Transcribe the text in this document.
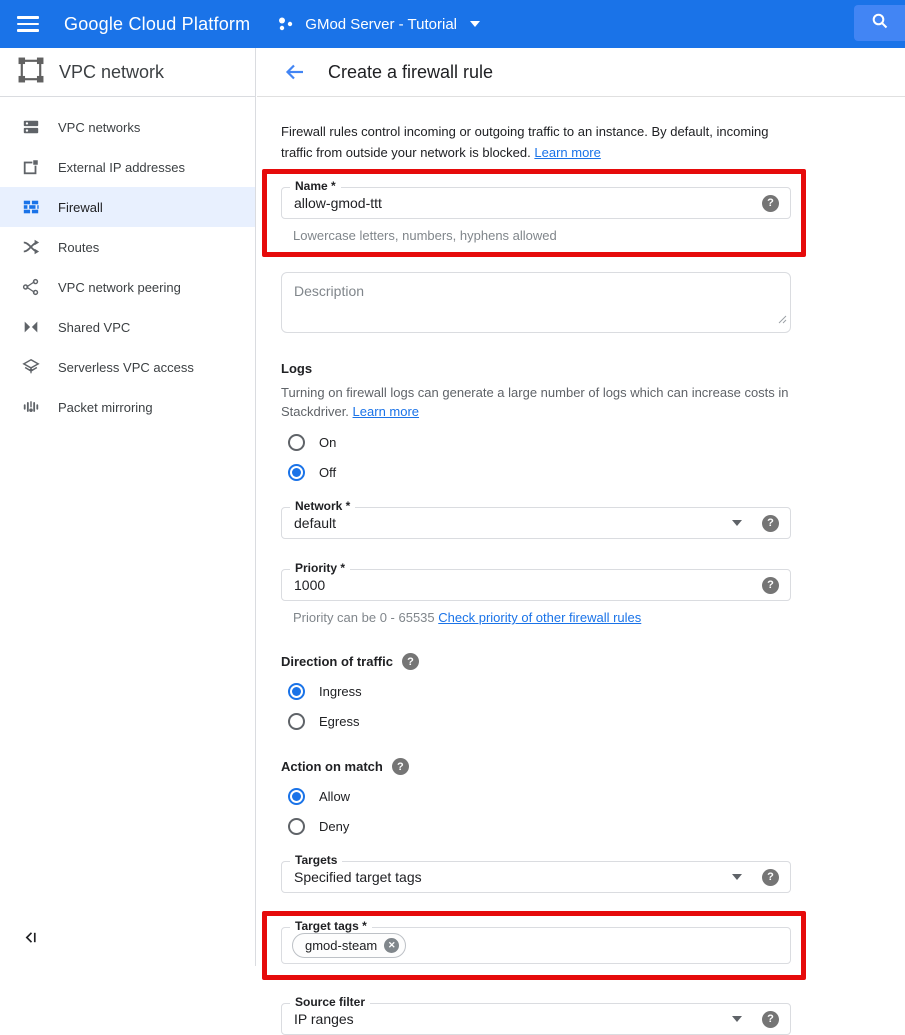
Google Cloud Platform	GMod Server - Tutorial
VPC network
VPC networks
External IP addresses
Firewall
Routes
VPC network peering
Shared VPC
Serverless VPC access
Packet mirroring
Create a firewall rule

Firewall rules control incoming or outgoing traffic to an instance. By default, incoming traffic from outside your network is blocked. Learn more

Name *
allow-gmod-ttt	?
Lowercase letters, numbers, hyphens allowed
Description
Logs

Turning on firewall logs can generate a large number of logs which can increase costs in Stackdriver. Learn more

On
Off
Network *
default	?
Priority *
1000	?
Priority can be 0 - 65535 Check priority of other firewall rules
Direction of traffic	?
Ingress
Egress
Action on match	?
Allow
Deny
Targets
Specified target tags	?
Target tags *
gmod-steam	✕
Source filter
IP ranges	?
